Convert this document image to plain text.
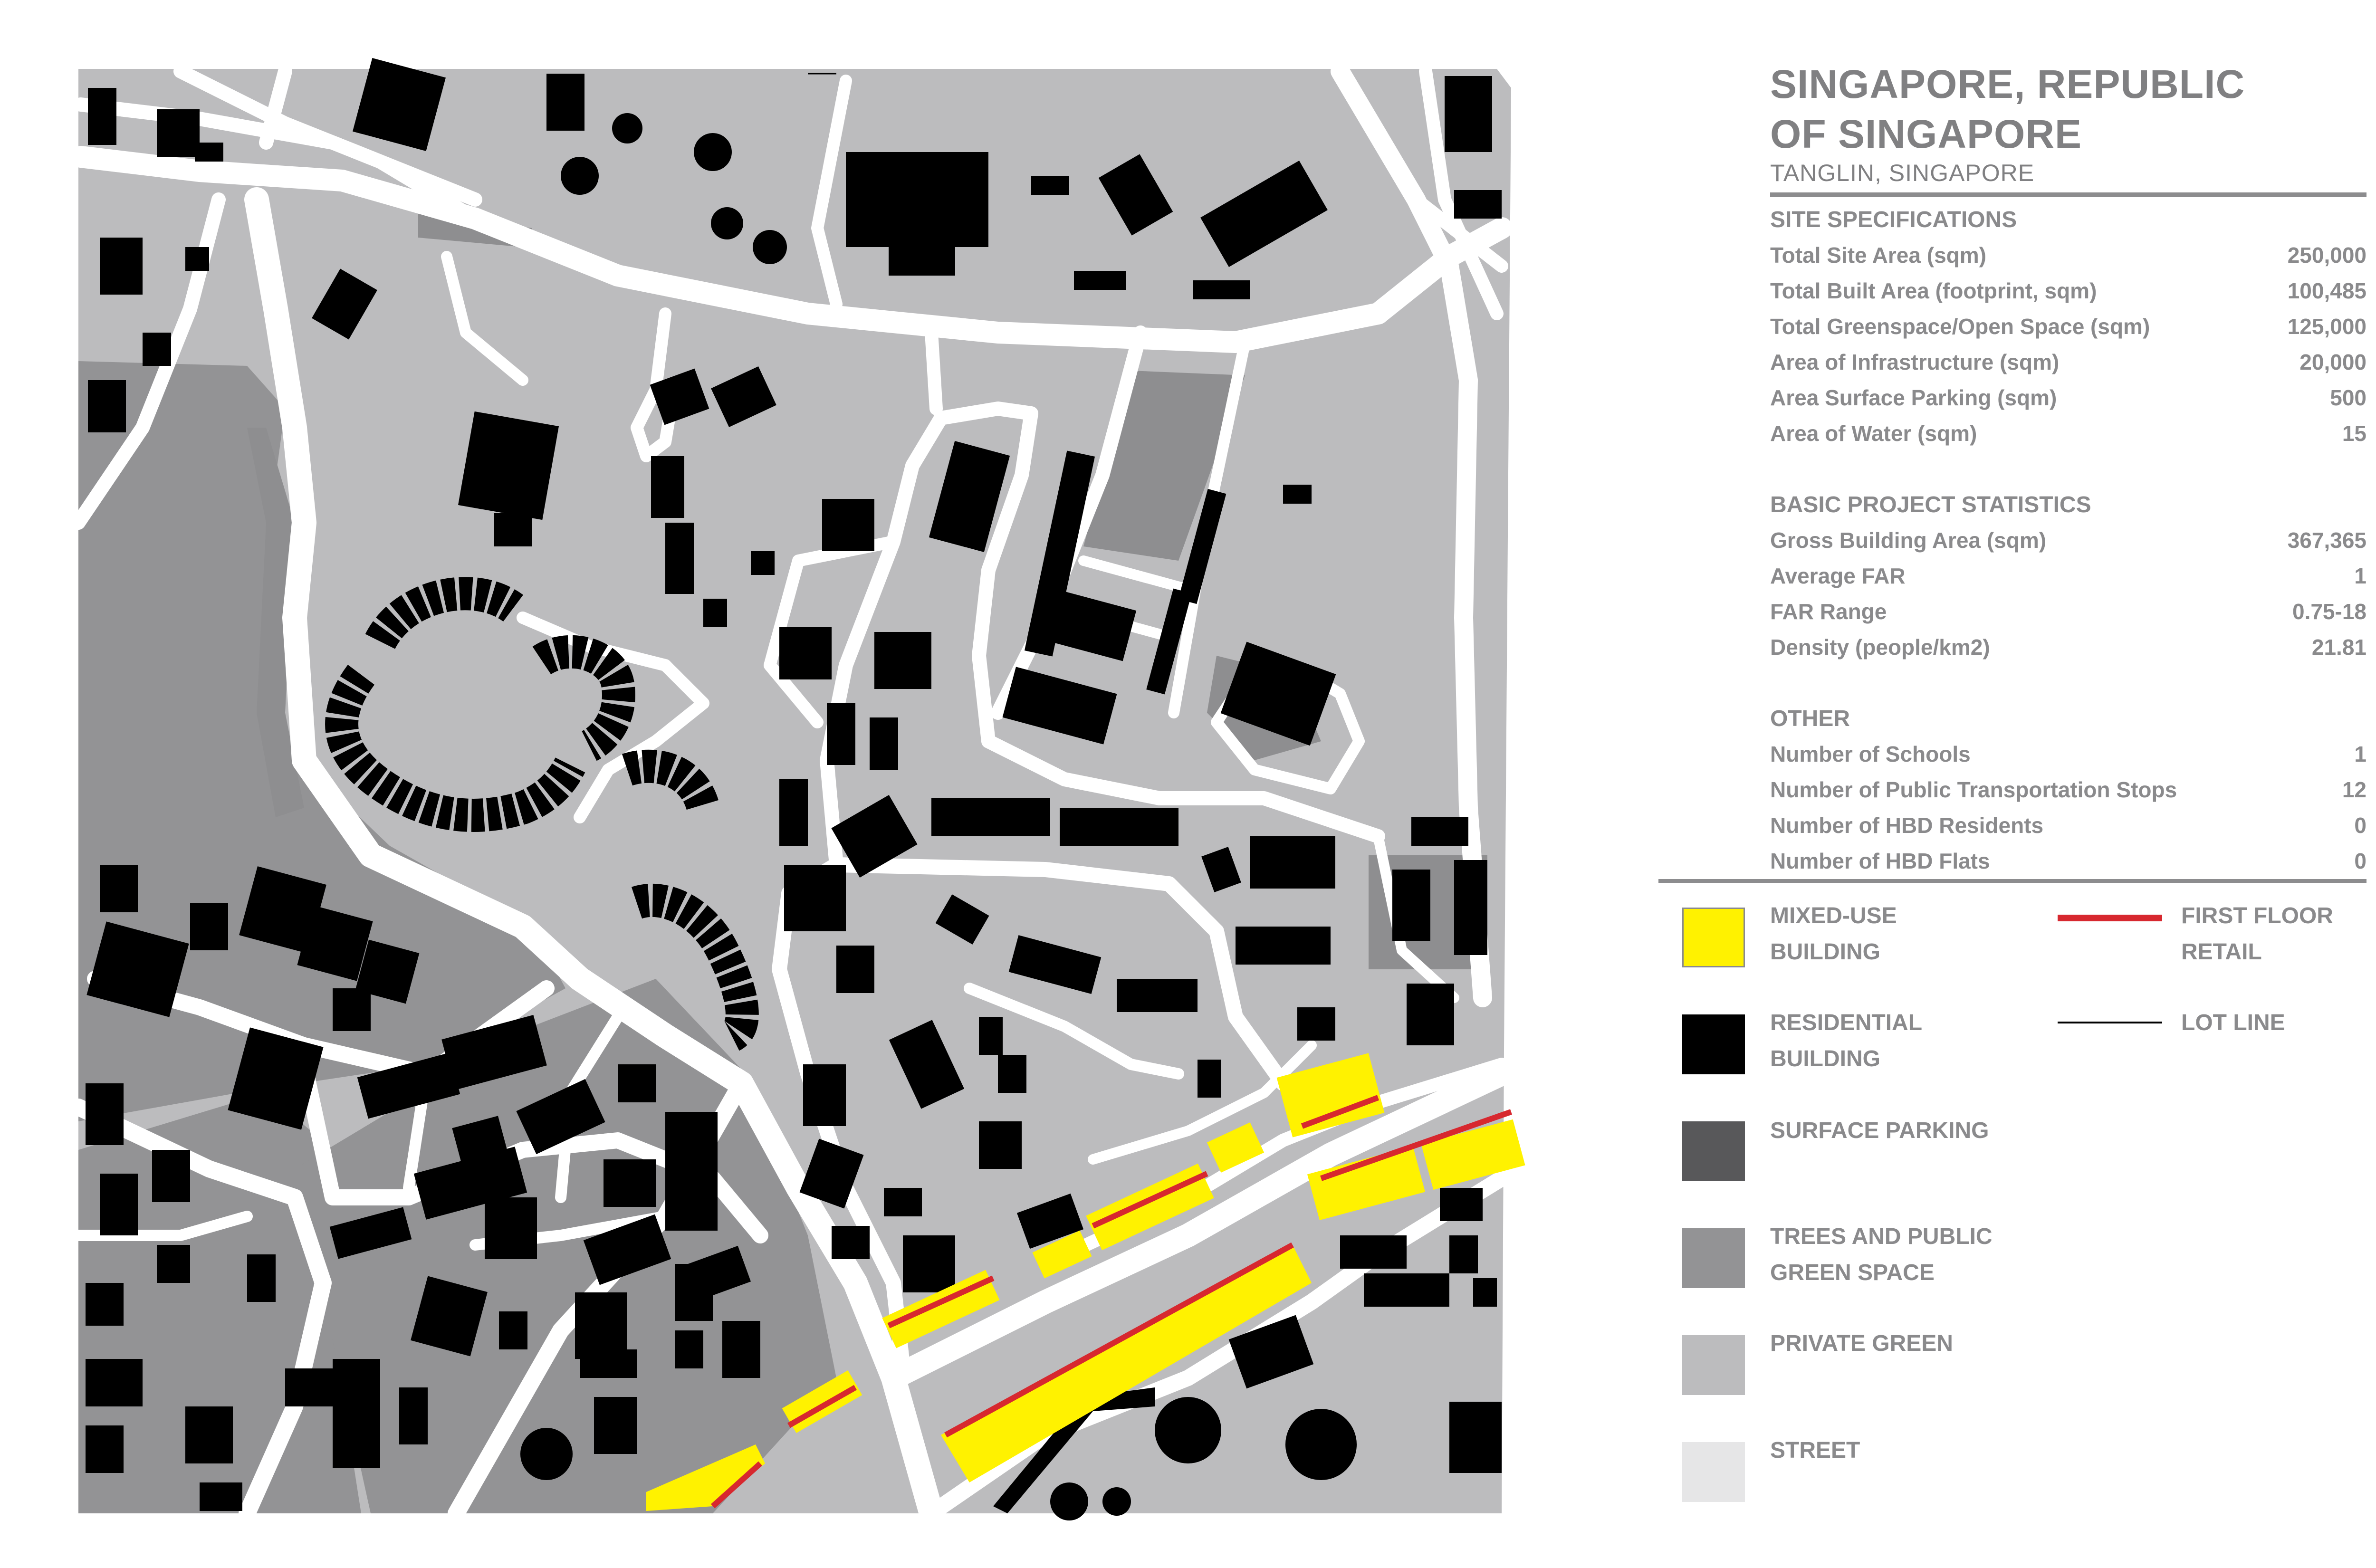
SINGAPORE, REPUBLIC
OF SINGAPORE
TANGLIN, SINGAPORE
SITE SPECIFICATIONS
Total Site Area (sqm)	250,000
Total Built Area (footprint, sqm)	100,485
Total Greenspace/Open Space (sqm)	125,000
Area of Infrastructure (sqm)	20,000
Area Surface Parking (sqm)	500
Area of Water (sqm)	15
BASIC PROJECT STATISTICS
Gross Building Area (sqm)	367,365
Average FAR	1
FAR Range	0.75-18
Density (people/km2)	21.81
OTHER
Number of Schools	1
Number of Public Transportation Stops	12
Number of HBD Residents	0
Number of HBD Flats	0
MIXED-USE
BUILDING
FIRST FLOOR
RETAIL
RESIDENTIAL
BUILDING
LOT LINE
SURFACE PARKING
TREES AND PUBLIC
GREEN SPACE
PRIVATE GREEN
STREET
